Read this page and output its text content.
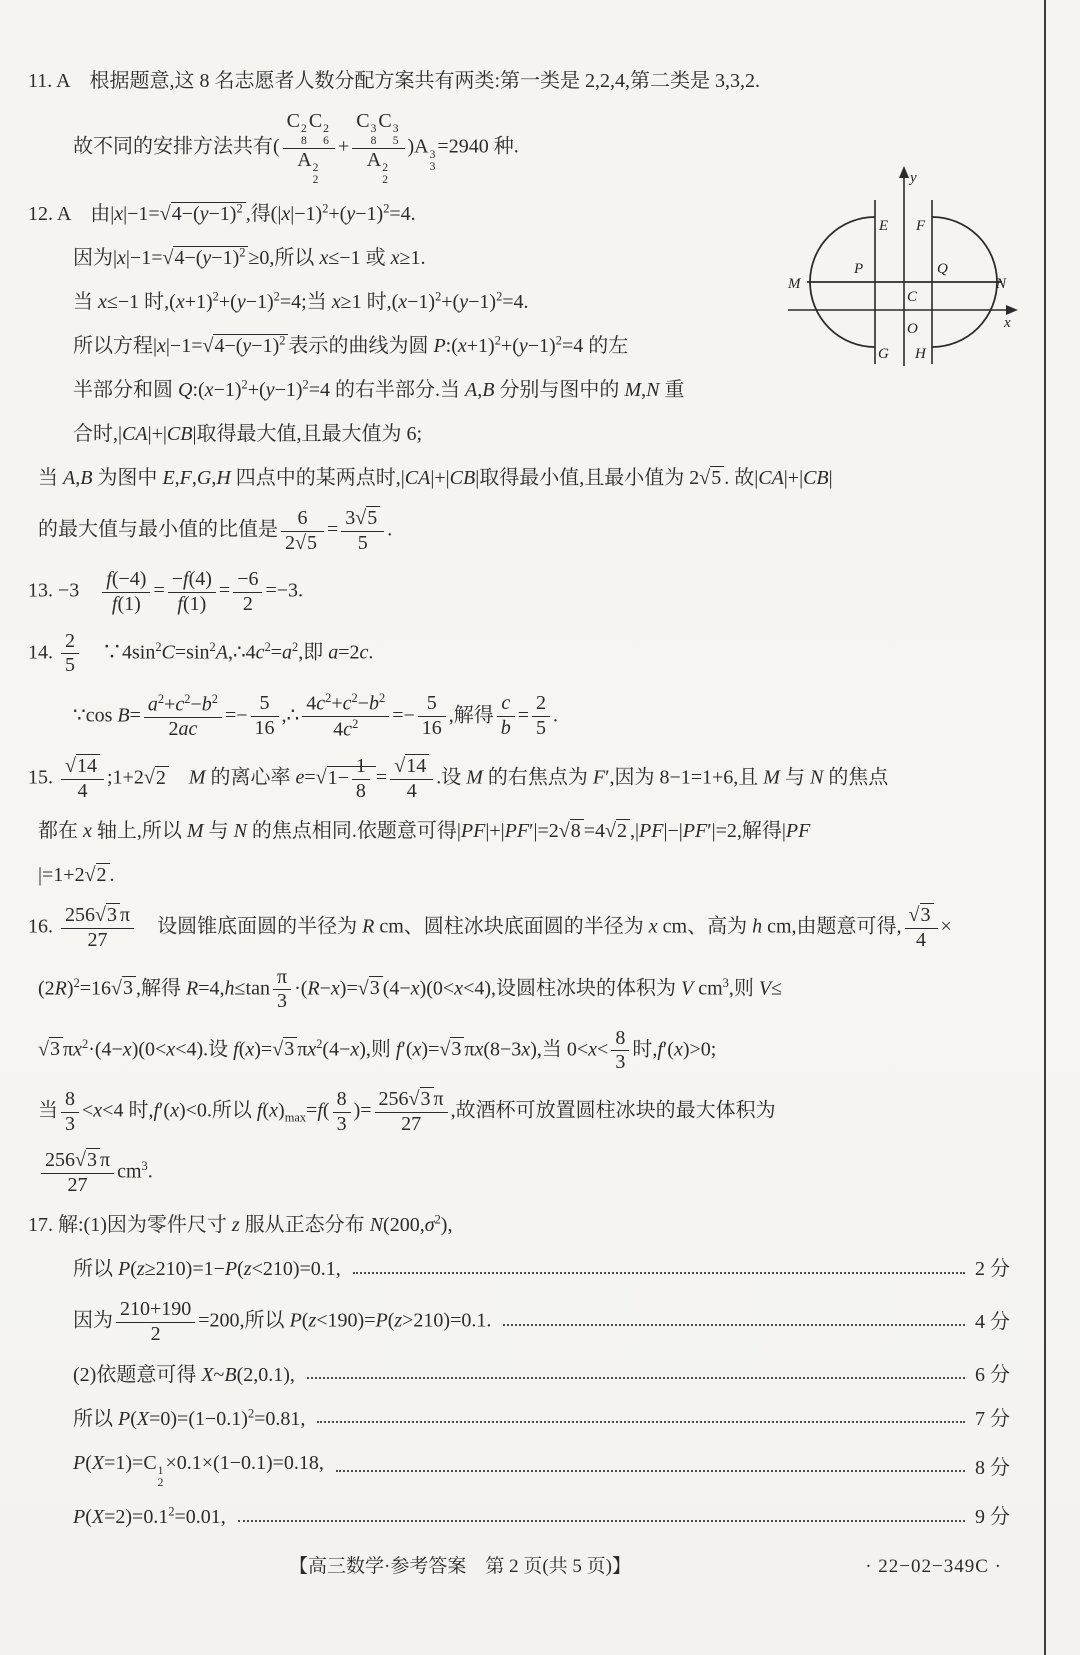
11. A　根据题意,这 8 名志愿者人数分配方案共有两类:第一类是 2,2,4,第二类是 3,3,2.
故不同的安排方法共有( C 2
8
C 2
6
A 2
2 + C 3
8
C 3
5
A 2
2 )A 3
3
=2940 种.
12. A　由$|x|-1=√4-(y-1)^2$ ,得$(|x|-1)^2+(y-1)^2=4$.
因为$|x|-1=√4-(y-1)^2 \ge 0$,所以 x≤−1 或 x≥1.
当 x≤−1 时$,(x+1)^2+(y-1)^2=4$;当 x≥1 时$,(x-1)^2+(y-1)^2=4$.
所以方程$|x|-1=√4-(y-1)^2$ 表示的曲线为圆 $P:(x+1)^2+(y-1)^2=4$ 的左
半部分和圆 $Q:(x-1)^2+(y-1)^2=4$ 的右半部分.当 A,B 分别与图中的 M,N 重
合时,|CA|+|CB|取得最大值,且最大值为 6;
当 A,B 为图中 E,F,G,H 四点中的某两点时,|CA|+|CB|取得最小值,且最小值为 2√5 . 故|CA|+|CB|
的最大值与最小值的比值是 $\frac{6}{2√5} = \frac{3√5}{5}$ .
13. −3　 $\frac{f(-4)}{f(1)} = \frac{-f(4)}{f(1)} = \frac{-6}{2} =-3$.
14. $\frac{2}{5}$ 　$\because 4\sin^2C=\sin^2A,\therefore 4c^2=a^2$,即 a=2c.
∵cos $B= \frac{a^2+c^2-b^2}{2ac} =- \frac{5}{16}$ ,∴ $\frac{4c^2+c^2-b^2}{4c^2} =- \frac{5}{16}$ ,解得 $\frac{c}{b} = \frac{2}{5}$ .
15. $\frac{√14}{4}$ ;1+2√2　 M 的离心率 $e=√1- \frac{1}{8} = \frac{√14}{4}$ .设 M 的右焦点为 F′,因为 8−1=1+6,且 M 与 N 的焦点
都在 x 轴上,所以 M 与 N 的焦点相同.依题意可得|PF|+|PF′|=2√8 =4√2 ,|PF|−|PF′|=2,解得|PF
|=1+2√2 .
16. $\frac{256√3 \pi}{27}$ 　设圆锥底面圆的半径为 R cm、圆柱冰块底面圆的半径为 x cm、高为 h cm,由题意可得, $\frac{√3}{4}$ ×
$(2R)^2=16√3$ ,解得 $R=4,h\le\tan \frac{\pi}{3} \cdot(R-x)=√3$ (4−x)(0<x<4),设圆柱冰块的体积为 V $cm^3$,则 V≤
√3 $\pi x^2\cdot(4-x)(0<x<4)$.设 f(x)=√3 $\pi x^2(4-x)$,则 f′(x)=√3 πx(8−3x),当 $0<x< \frac{8}{3}$ 时,f′(x)>0;
当 $\frac{8}{3} <x<4$ 时,f′(x)<0.所以 $f(x)_{max}=f( \frac{8}{3}$ )= $\frac{256√3 \pi}{27}$ ,故酒杯可放置圆柱冰块的最大体积为
$\frac{256√3 \pi}{27} cm^3$.
17. 解:(1)因为零件尺寸 z 服从正态分布 $N(200,\sigma^2)$,
所以 P(z≥210)=1−P(z<210)=0.1,	2 分
因为 $\frac{210+190}{2} =200$,所以 P(z<190)=P(z>210)=0.1.	4 分
(2)依题意可得 X~B(2,0.1),	6 分
所以 $P(X=0)=(1-0.1)^2=0.81$,	7 分
P(X=1)=C 1
2
×0.1×(1−0.1)=0.18,	8 分
$P(X=2)=0.1^2=0.01$,	9 分
y
x
E F
P	Q
M	N
C
O
G H
【高三数学·参考答案　第 2 页(共 5 页)】	· 22−02−349C ·
